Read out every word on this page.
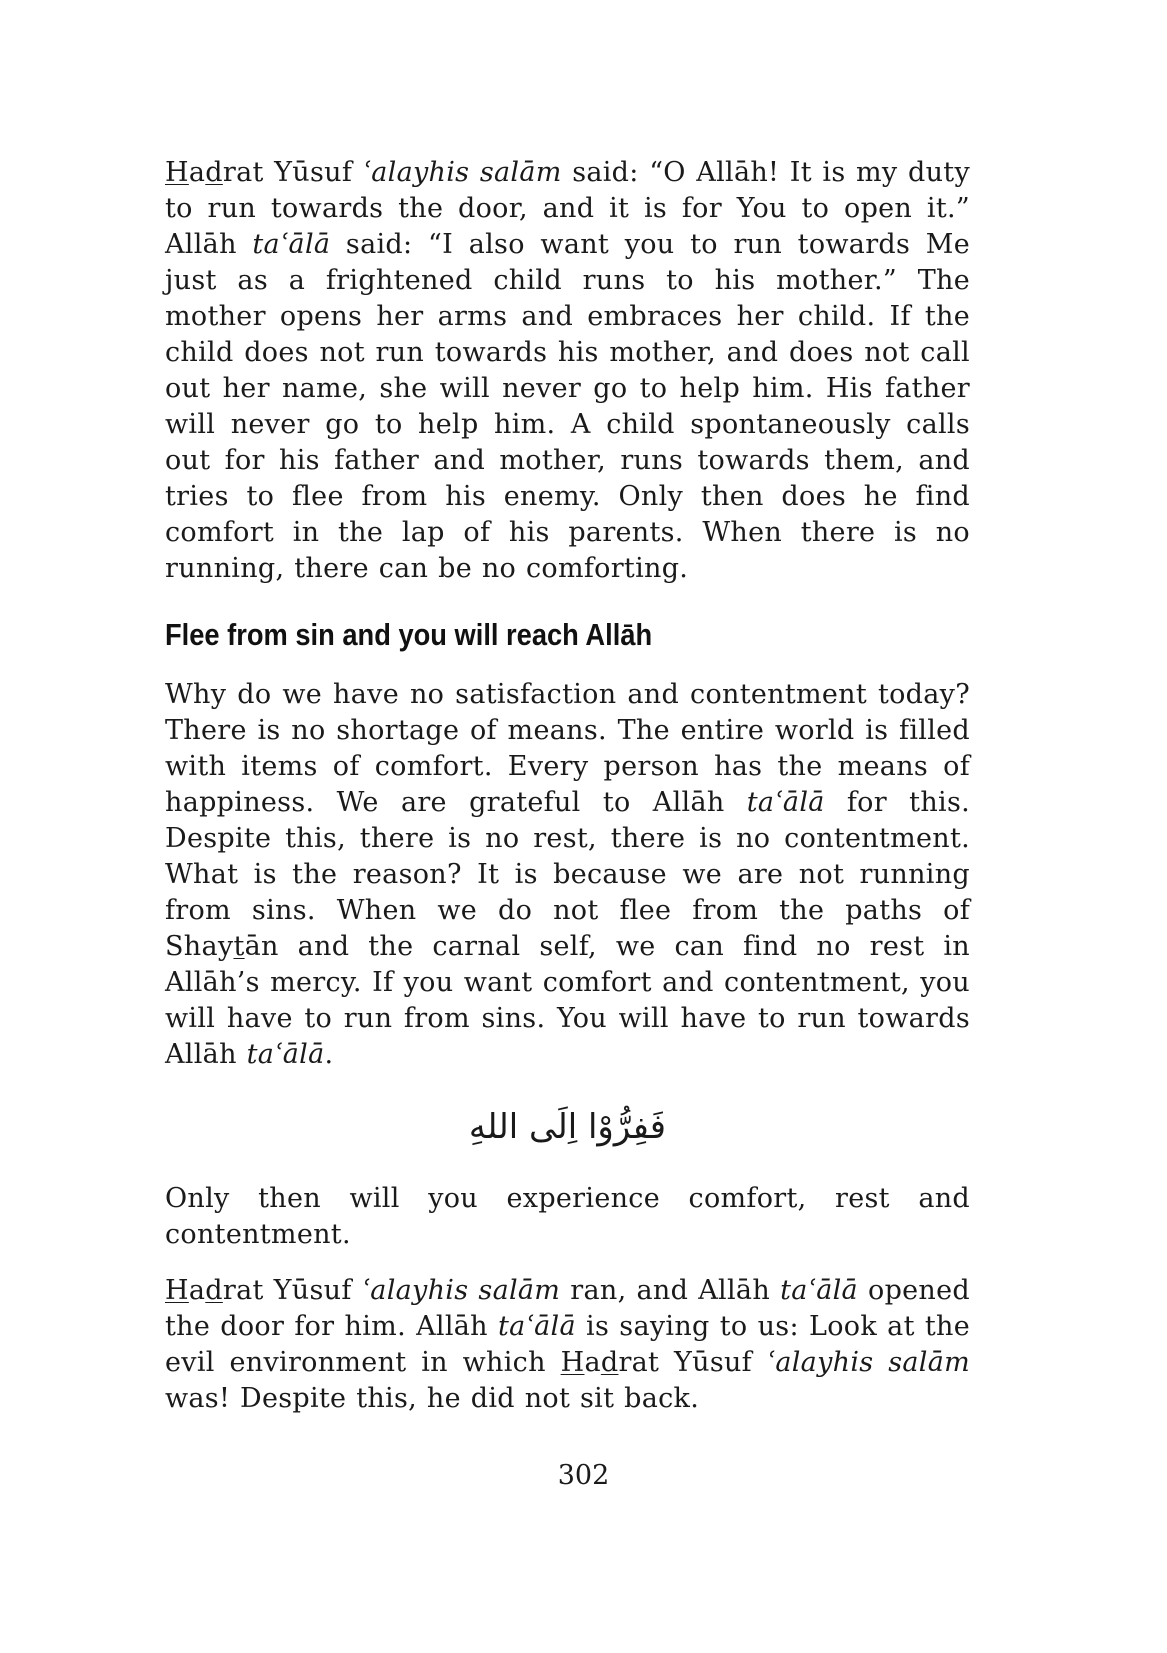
Hadrat Yūsuf ʿalayhis salām said: “O Allāh! It is my duty to run towards the door, and it is for You to open it.” Allāh taʿālā said: “I also want you to run towards Me just as a frightened child runs to his mother.” The mother opens her arms and embraces her child. If the child does not run towards his mother, and does not call out her name, she will never go to help him. His father will never go to help him. A child spontaneously calls out for his father and mother, runs towards them, and tries to flee from his enemy. Only then does he find comfort in the lap of his parents. When there is no running, there can be no comforting.

Flee from sin and you will reach Allāh

Why do we have no satisfaction and contentment today? There is no shortage of means. The entire world is filled with items of comfort. Every person has the means of happiness. We are grateful to Allāh taʿālā for this. Despite this, there is no rest, there is no contentment. What is the reason? It is because we are not running from sins. When we do not flee from the paths of Shaytān and the carnal self, we can find no rest in Allāh’s mercy. If you want comfort and contentment, you will have to run from sins. You will have to run towards Allāh taʿālā.

فَفِرُّوْا اِلَى اللهِ

Only then will you experience comfort, rest and contentment.

Hadrat Yūsuf ʿalayhis salām ran, and Allāh taʿālā opened the door for him. Allāh taʿālā is saying to us: Look at the evil environment in which Hadrat Yūsuf ʿalayhis salām was! Despite this, he did not sit back.

302
